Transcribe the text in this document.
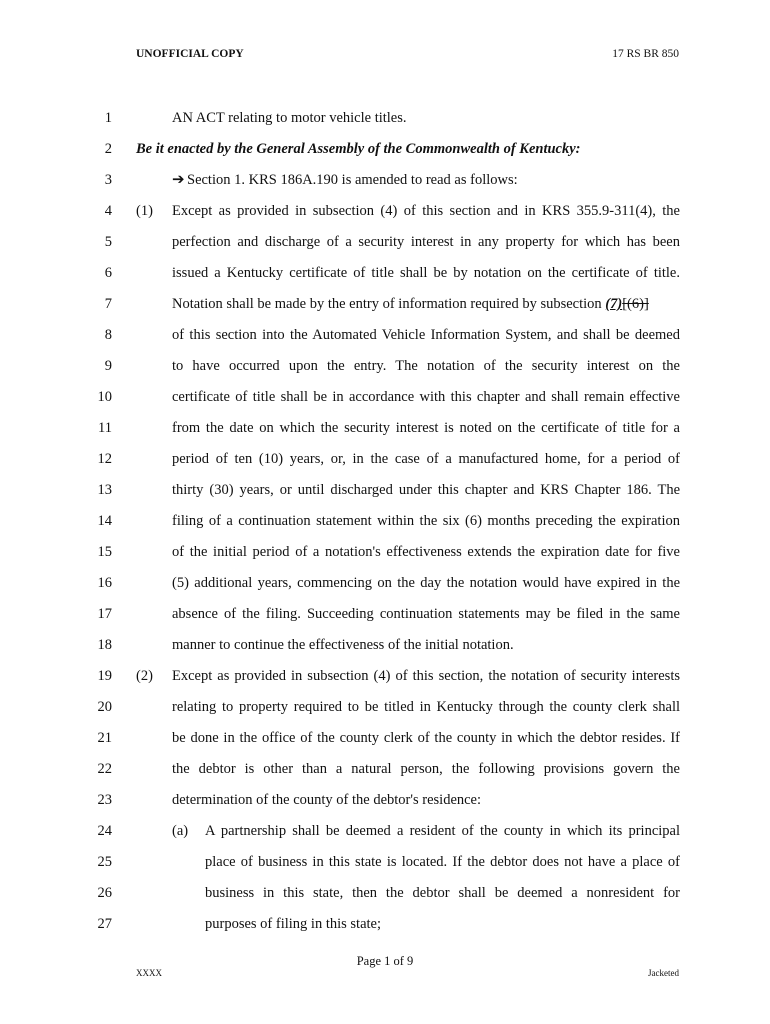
UNOFFICIAL COPY	17 RS BR 850
1	AN ACT relating to motor vehicle titles.
2 Be it enacted by the General Assembly of the Commonwealth of Kentucky:
3	➔ Section 1. KRS 186A.190 is amended to read as follows:
4 (1) Except as provided in subsection (4) of this section and in KRS 355.9-311(4), the
5	perfection and discharge of a security interest in any property for which has been
6	issued a Kentucky certificate of title shall be by notation on the certificate of title.
7	Notation shall be made by the entry of information required by subsection (7)[(6)]
8	of this section into the Automated Vehicle Information System, and shall be deemed
9	to have occurred upon the entry. The notation of the security interest on the
10	certificate of title shall be in accordance with this chapter and shall remain effective
11	from the date on which the security interest is noted on the certificate of title for a
12	period of ten (10) years, or, in the case of a manufactured home, for a period of
13	thirty (30) years, or until discharged under this chapter and KRS Chapter 186. The
14	filing of a continuation statement within the six (6) months preceding the expiration
15	of the initial period of a notation's effectiveness extends the expiration date for five
16	(5) additional years, commencing on the day the notation would have expired in the
17	absence of the filing. Succeeding continuation statements may be filed in the same
18	manner to continue the effectiveness of the initial notation.
19 (2) Except as provided in subsection (4) of this section, the notation of security interests
20	relating to property required to be titled in Kentucky through the county clerk shall
21	be done in the office of the county clerk of the county in which the debtor resides. If
22	the debtor is other than a natural person, the following provisions govern the
23	determination of the county of the debtor's residence:
24	(a) A partnership shall be deemed a resident of the county in which its principal
25	place of business in this state is located. If the debtor does not have a place of
26	business in this state, then the debtor shall be deemed a nonresident for
27	purposes of filing in this state;
Page 1 of 9
XXXX	Jacketed
